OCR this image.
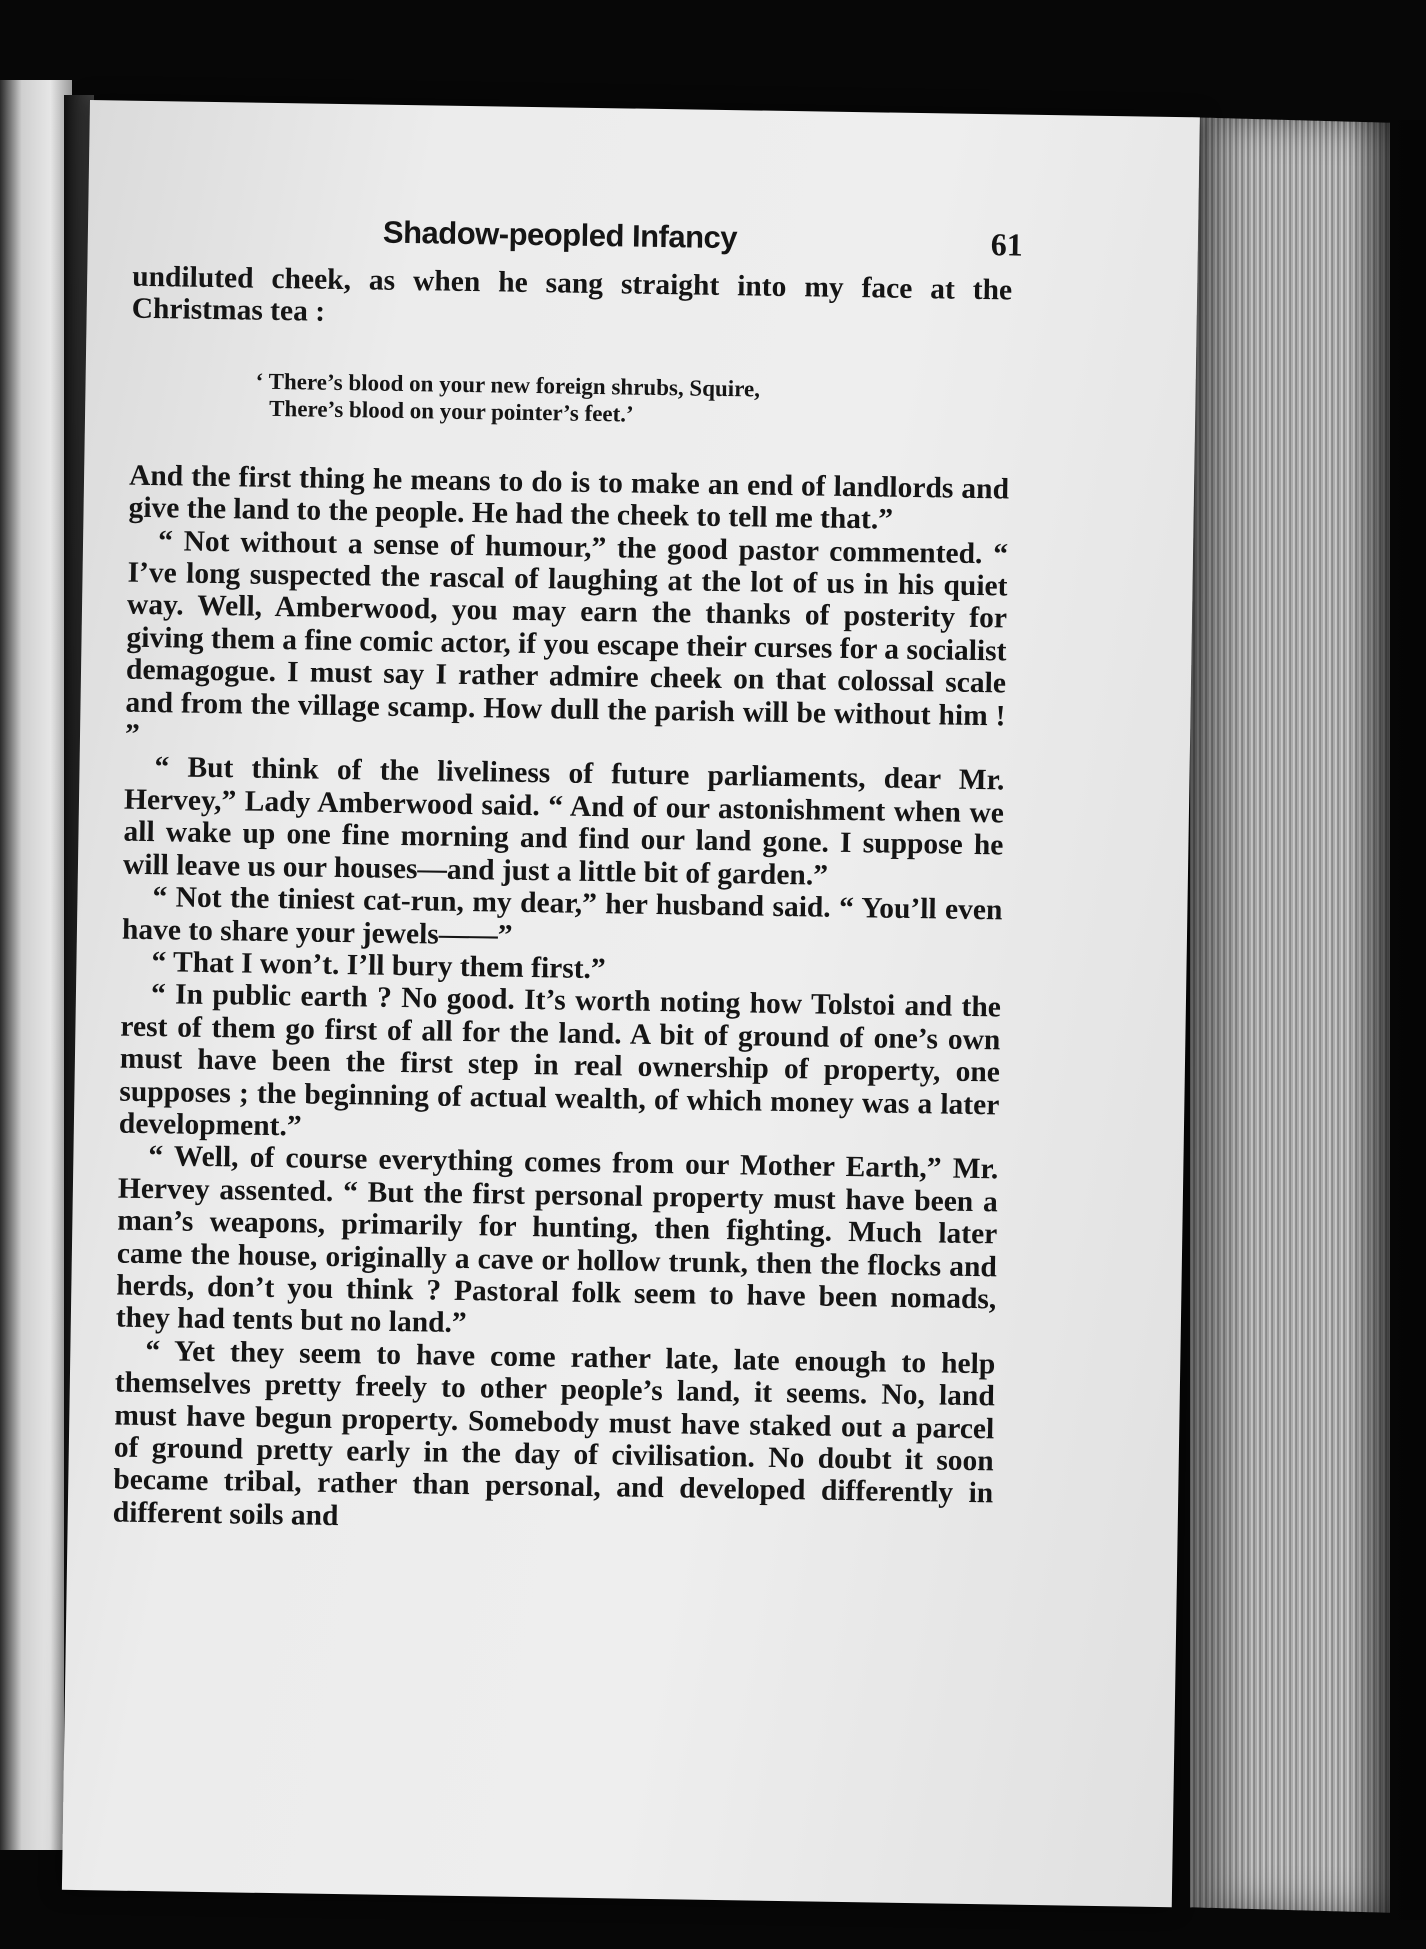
Shadow-peopled Infancy	61

undiluted cheek, as when he sang straight into my face at the Christmas tea :

‘ There’s blood on your new foreign shrubs, Squire,
There’s blood on your pointer’s feet.’

And the first thing he means to do is to make an end of landlords and give the land to the people. He had the cheek to tell me that.”

“ Not without a sense of humour,” the good pastor commented. “ I’ve long suspected the rascal of laughing at the lot of us in his quiet way. Well, Amberwood, you may earn the thanks of posterity for giving them a fine comic actor, if you escape their curses for a socialist demagogue. I must say I rather admire cheek on that colossal scale and from the village scamp. How dull the parish will be without him ! ”

“ But think of the liveliness of future parliaments, dear Mr. Hervey,” Lady Amberwood said. “ And of our astonishment when we all wake up one fine morning and find our land gone. I suppose he will leave us our houses—and just a little bit of garden.”

“ Not the tiniest cat-run, my dear,” her husband said. “ You’ll even have to share your jewels——”

“ That I won’t. I’ll bury them first.”

“ In public earth ? No good. It’s worth noting how Tolstoi and the rest of them go first of all for the land. A bit of ground of one’s own must have been the first step in real ownership of property, one supposes ; the beginning of actual wealth, of which money was a later development.”

“ Well, of course everything comes from our Mother Earth,” Mr. Hervey assented. “ But the first personal property must have been a man’s weapons, primarily for hunting, then fighting. Much later came the house, originally a cave or hollow trunk, then the flocks and herds, don’t you think ? Pastoral folk seem to have been nomads, they had tents but no land.”

“ Yet they seem to have come rather late, late enough to help themselves pretty freely to other people’s land, it seems. No, land must have begun property. Somebody must have staked out a parcel of ground pretty early in the day of civilisation. No doubt it soon became tribal, rather than personal, and developed differently in different soils and
